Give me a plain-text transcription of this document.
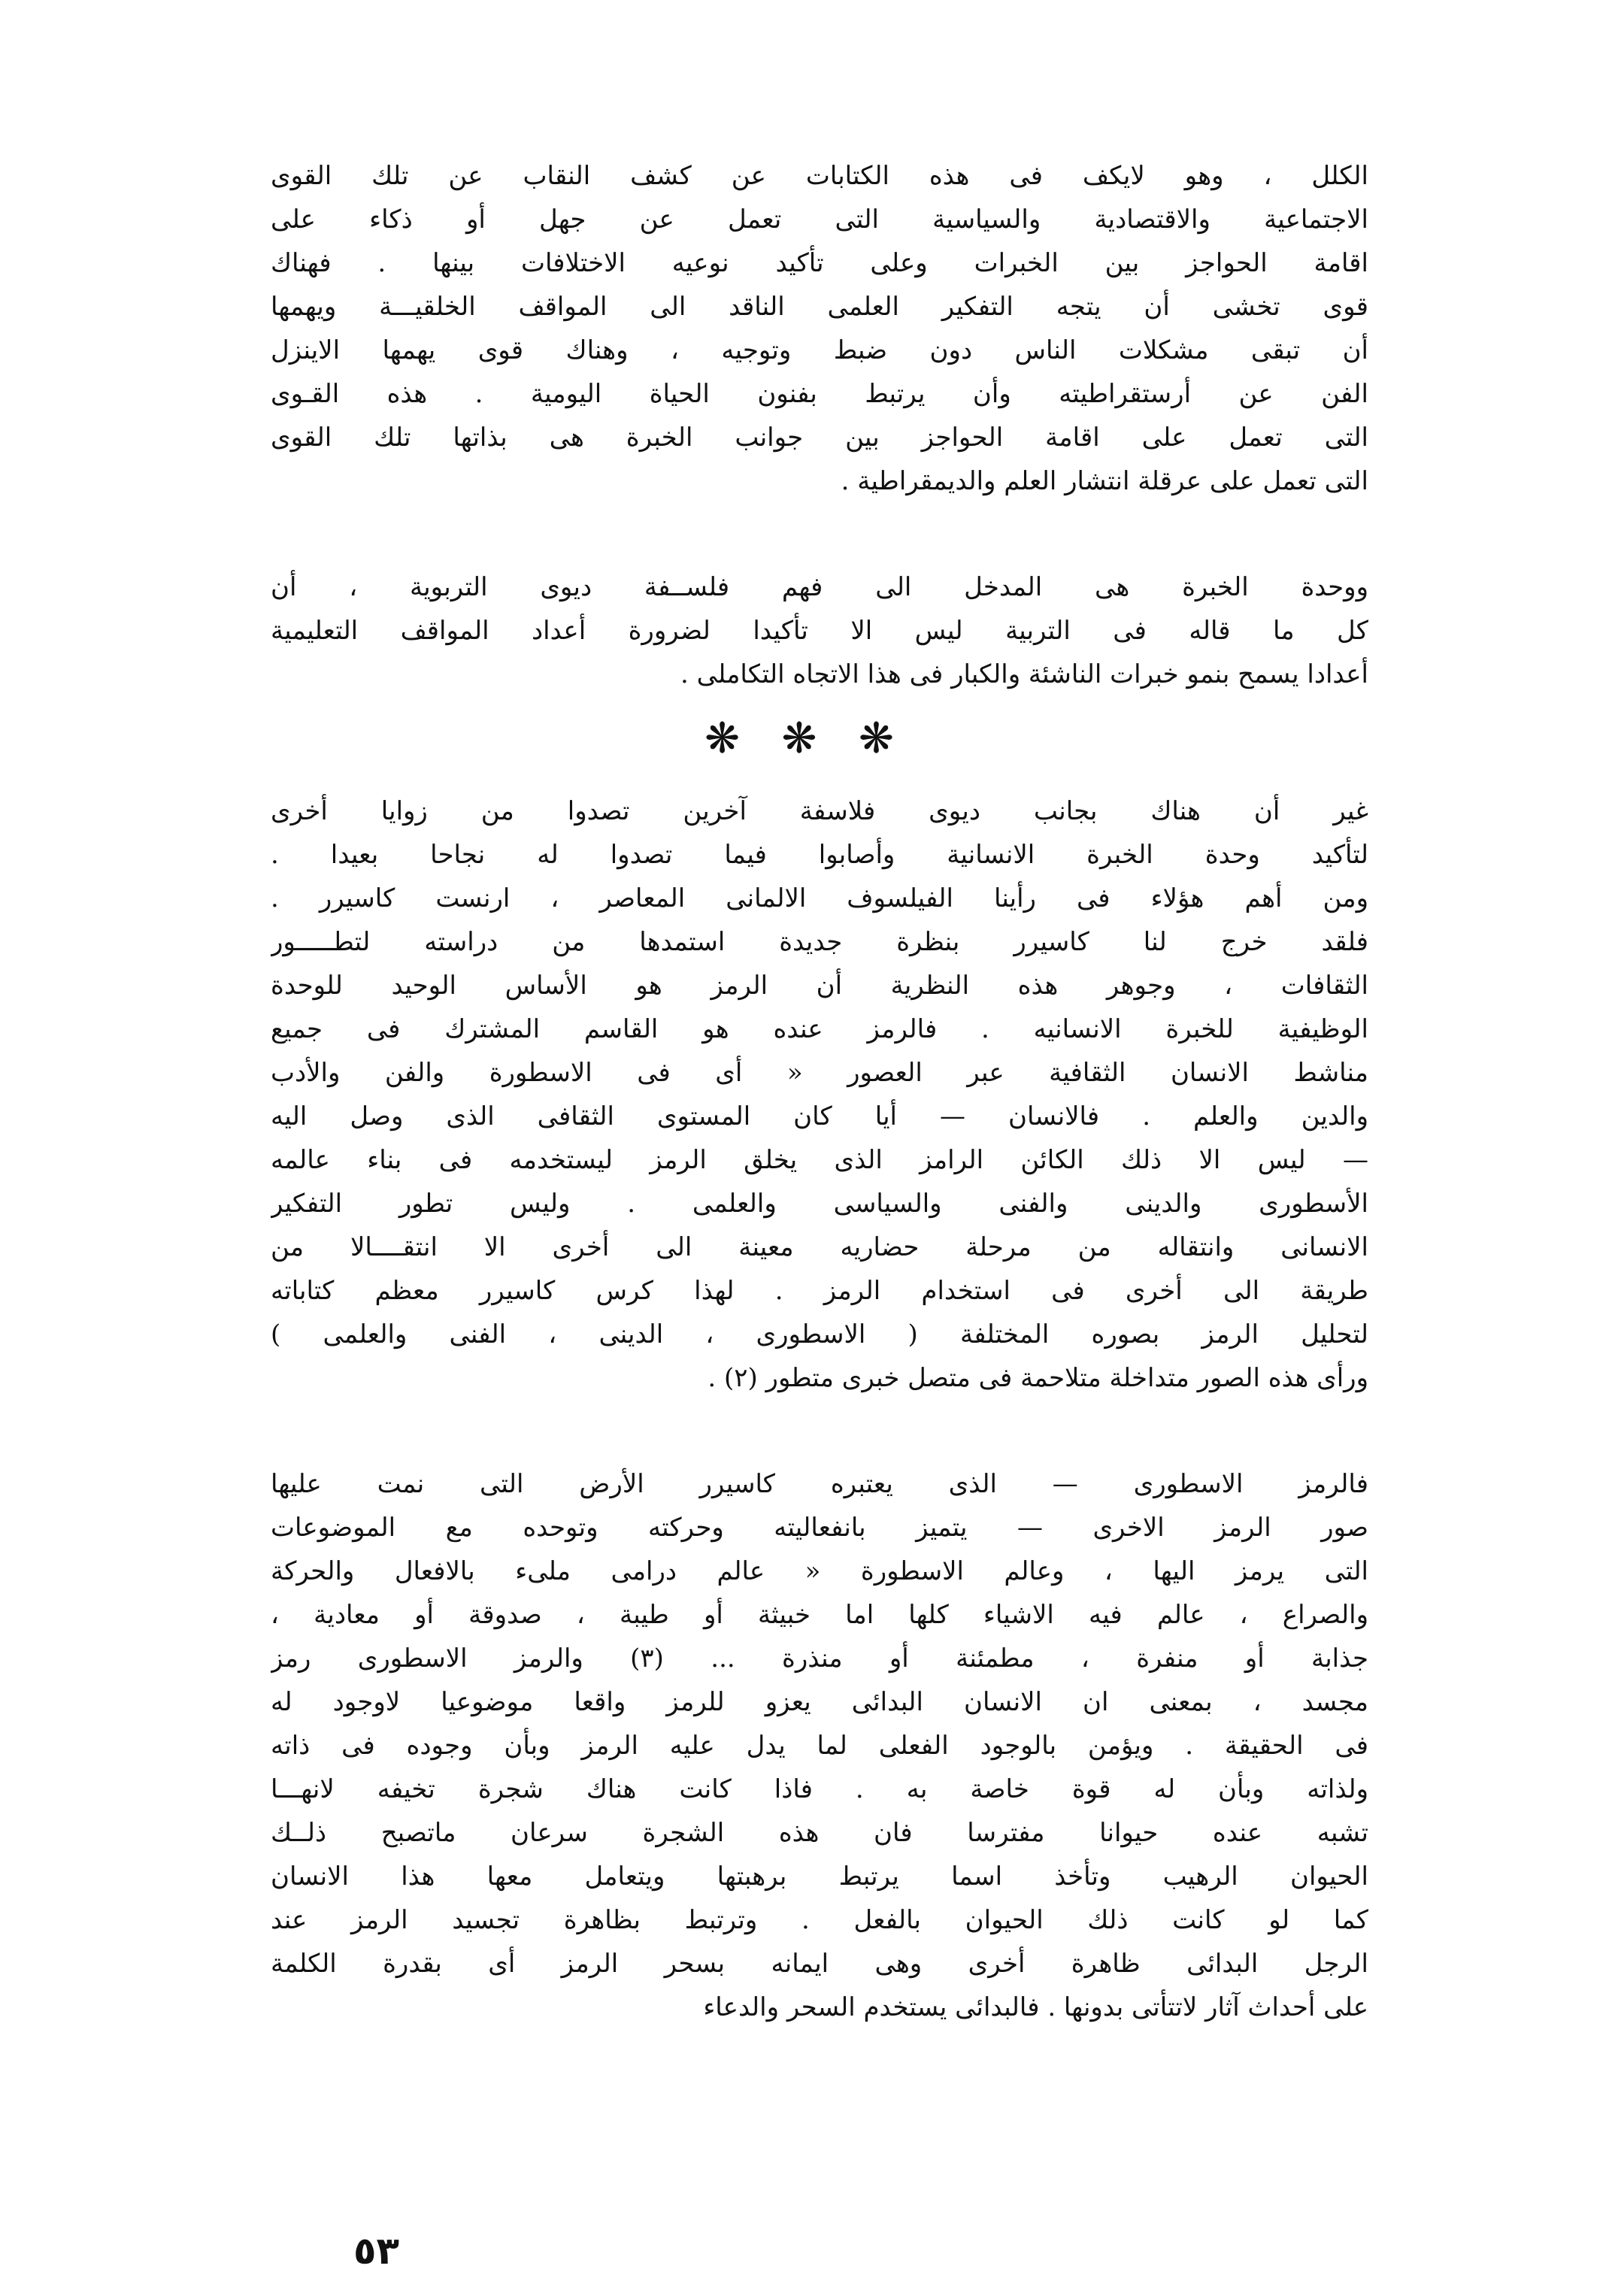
الكلل ، وهو لايكف فى هذه الكتابات عن كشف النقاب عن تلك القوى
الاجتماعية والاقتصادية والسياسية التى تعمل عن جهل أو ذكاء على
اقامة الحواجز بين الخبرات وعلى تأكيد نوعيه الاختلافات بينها . فهناك
قوى تخشى أن يتجه التفكير العلمى الناقد الى المواقف الخلقيـــة ويهمها
أن تبقى مشكلات الناس دون ضبط وتوجيه ، وهناك قوى يهمها الاينزل
الفن عن أرستقراطيته وأن يرتبط بفنون الحياة اليومية . هذه القـوى
التى تعمل على اقامة الحواجز بين جوانب الخبرة هى بذاتها تلك القوى
التى تعمل على عرقلة انتشار العلم والديمقراطية .
ووحدة الخبرة هى المدخل الى فهم فلســفة ديوى التربوية ، أن
كل ما قاله فى التربية ليس الا تأكيدا لضرورة أعداد المواقف التعليمية
أعدادا يسمح بنمو خبرات الناشئة والكبار فى هذا الاتجاه التكاملى .
❋ ❋ ❋
غير أن هناك بجانب ديوى فلاسفة آخرين تصدوا من زوايا أخرى
لتأكيد وحدة الخبرة الانسانية وأصابوا فيما تصدوا له نجاحا بعيدا .
ومن أهم هؤلاء فى رأينا الفيلسوف الالمانى المعاصر ، ارنست كاسيرر .
فلقد خرج لنا كاسيرر بنظرة جديدة استمدها من دراسته لتطـــــور
الثقافات ، وجوهر هذه النظرية أن الرمز هو الأساس الوحيد للوحدة
الوظيفية للخبرة الانسانيه . فالرمز عنده هو القاسم المشترك فى جميع
مناشط الانسان الثقافية عبر العصور « أى فى الاسطورة والفن والأدب
والدين والعلم . فالانسان — أيا كان المستوى الثقافى الذى وصل اليه
— ليس الا ذلك الكائن الرامز الذى يخلق الرمز ليستخدمه فى بناء عالمه
الأسطورى والدينى والفنى والسياسى والعلمى . وليس تطور التفكير
الانسانى وانتقاله من مرحلة حضاريه معينة الى أخرى الا انتقــــالا من
طريقة الى أخرى فى استخدام الرمز . لهذا كرس كاسيرر معظم كتاباته
لتحليل الرمز بصوره المختلفة ( الاسطورى ، الدينى ، الفنى والعلمى )
ورأى هذه الصور متداخلة متلاحمة فى متصل خبرى متطور (٢) .
فالرمز الاسطورى — الذى يعتبره كاسيرر الأرض التى نمت عليها
صور الرمز الاخرى — يتميز بانفعاليته وحركته وتوحده مع الموضوعات
التى يرمز اليها ، وعالم الاسطورة « عالم درامى ملىء بالافعال والحركة
والصراع ، عالم فيه الاشياء كلها اما خبيثة أو طيبة ، صدوقة أو معادية ،
جذابة أو منفرة ، مطمئنة أو منذرة ... (٣) والرمز الاسطورى رمز
مجسد ، بمعنى ان الانسان البدائى يعزو للرمز واقعا موضوعيا لاوجود له
فى الحقيقة . ويؤمن بالوجود الفعلى لما يدل عليه الرمز وبأن وجوده فى ذاته
ولذاته وبأن له قوة خاصة به . فاذا كانت هناك شجرة تخيفه لانهـــا
تشبه عنده حيوانا مفترسا فان هذه الشجرة سرعان ماتصبح ذلــك
الحيوان الرهيب وتأخذ اسما يرتبط برهبتها ويتعامل معها هذا الانسان
كما لو كانت ذلك الحيوان بالفعل . وترتبط بظاهرة تجسيد الرمز عند
الرجل البدائى ظاهرة أخرى وهى ايمانه بسحر الرمز أى بقدرة الكلمة
على أحداث آثار لاتتأتى بدونها . فالبدائى يستخدم السحر والدعاء
٥٣
